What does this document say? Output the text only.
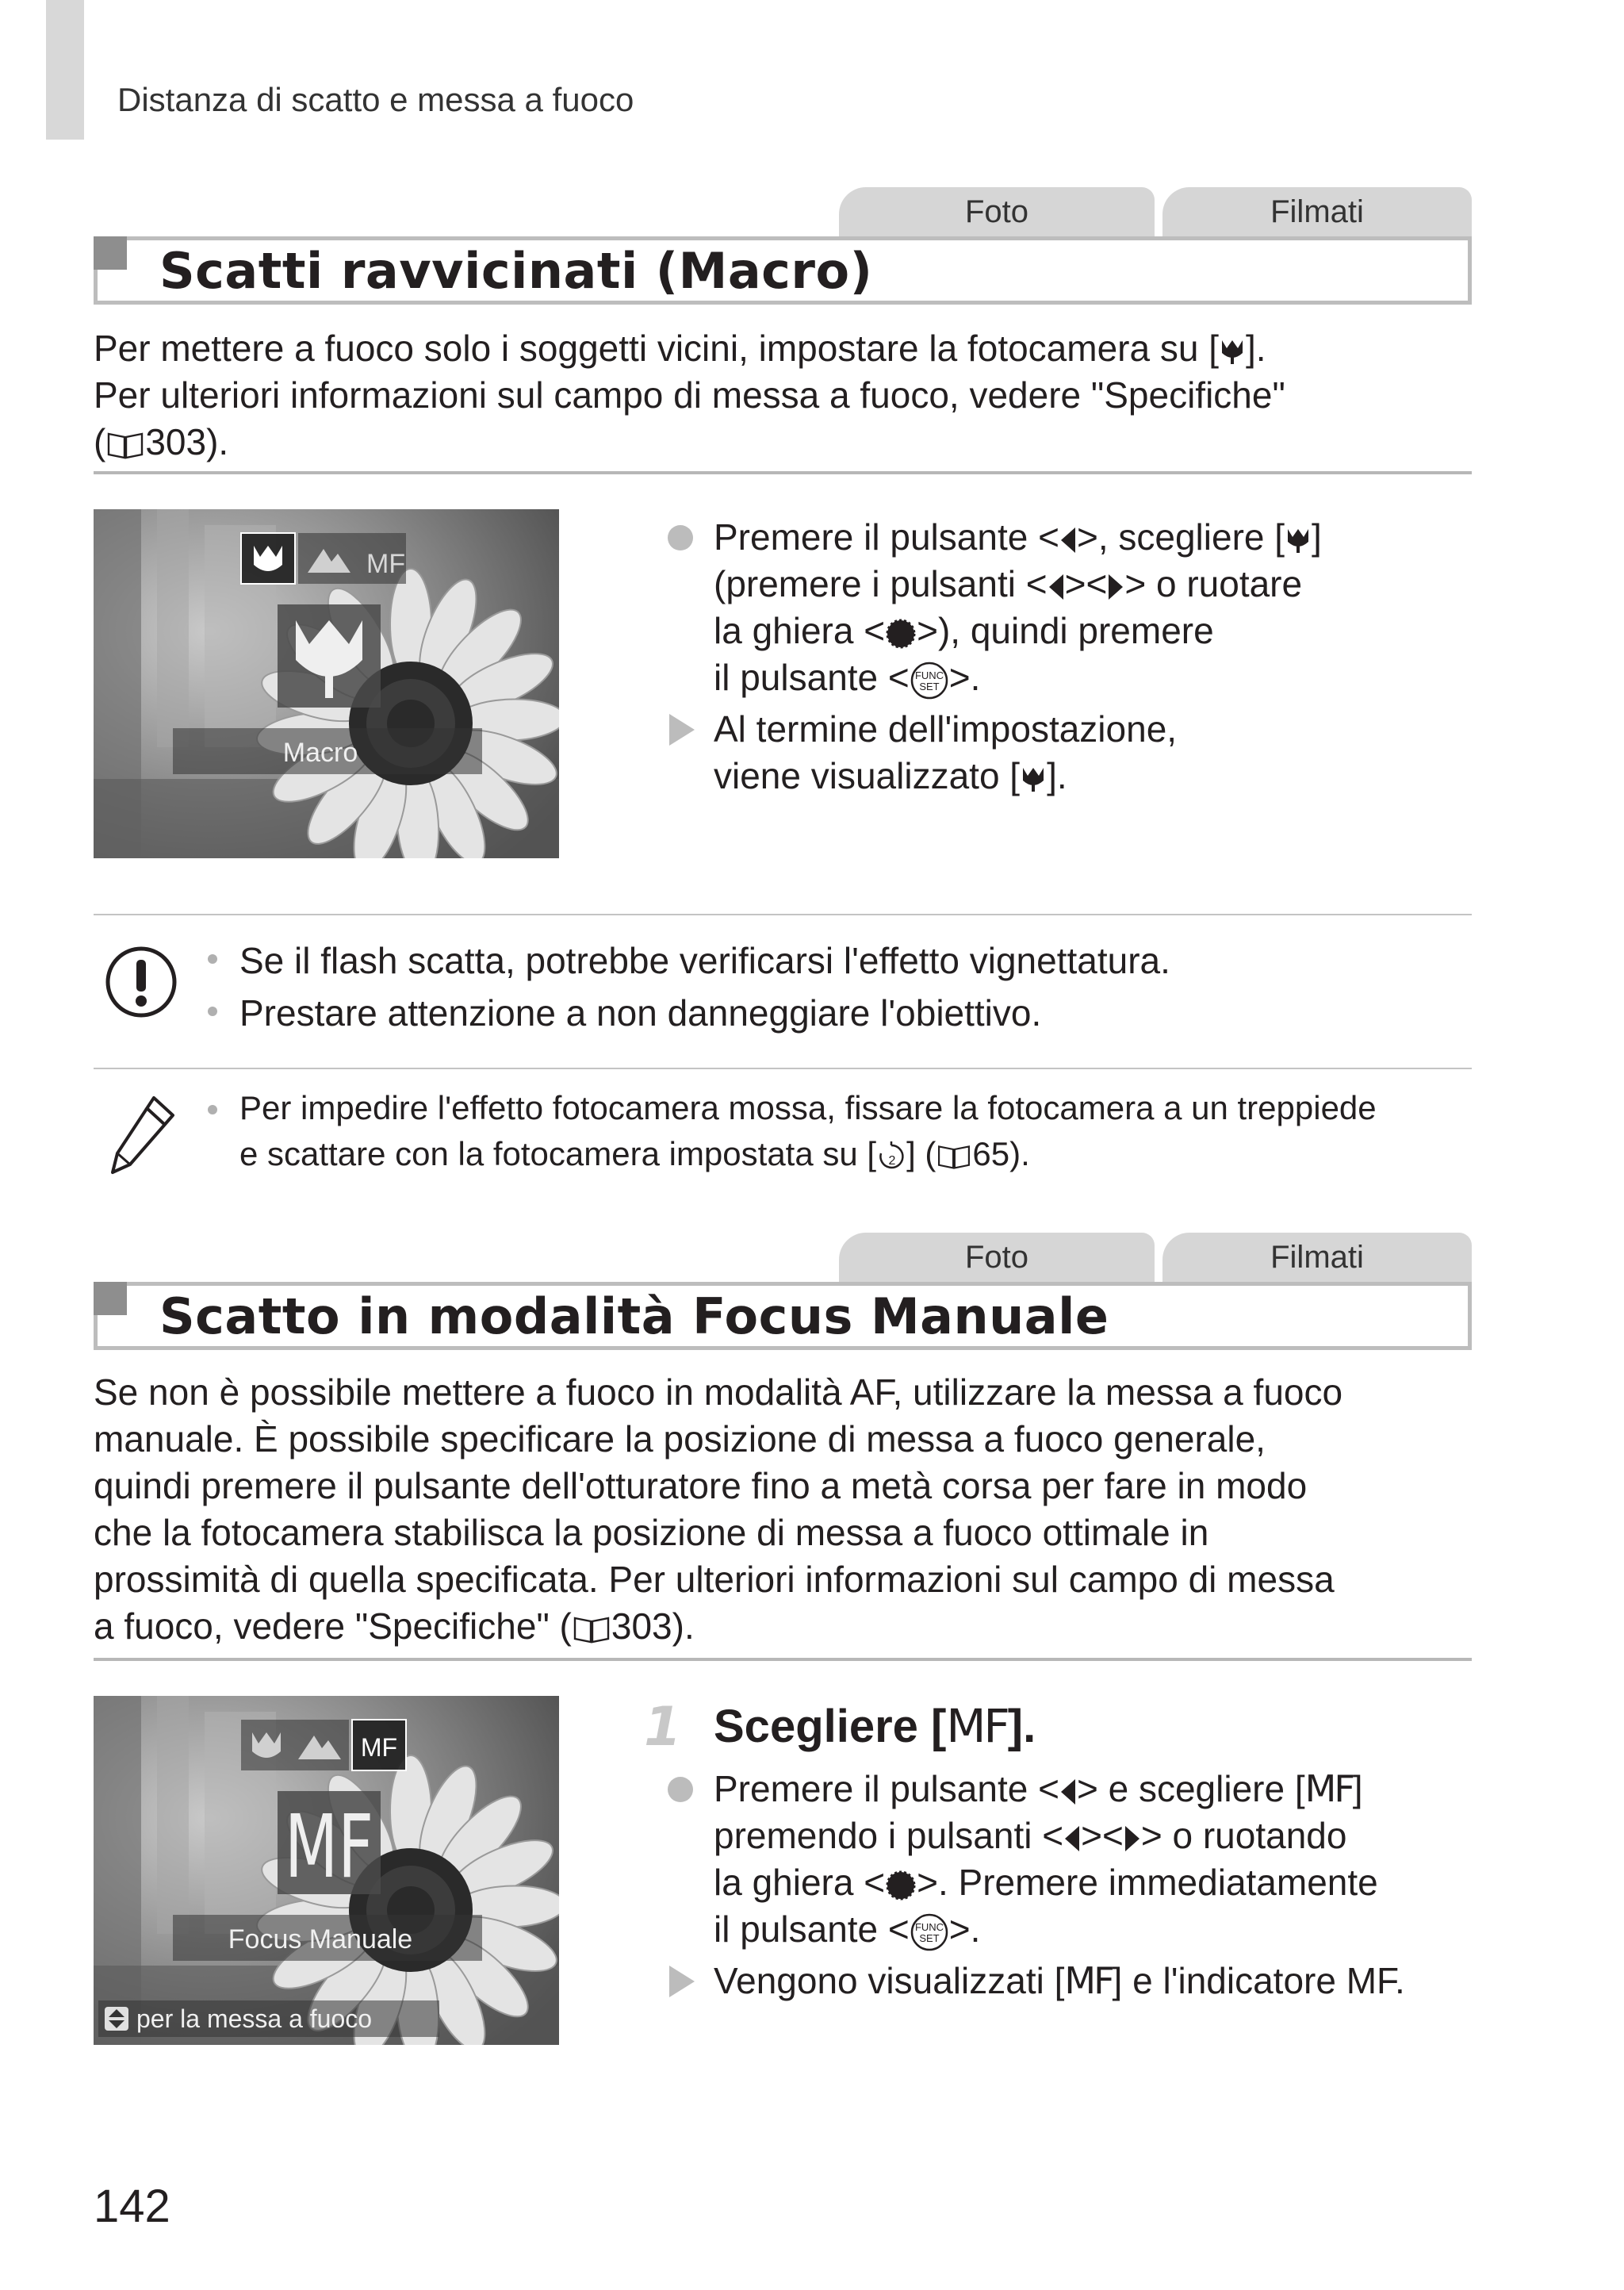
Distanza di scatto e messa a fuoco
Foto	Filmati
Scatti ravvicinati (Macro)

Per mettere a fuoco solo i soggetti vicini, impostare la fotocamera su [ ].

Per ulteriori informazioni sul campo di messa a fuoco, vedere "Specifiche"

( 303).

MF
Macro

Premere il pulsante < >, scegliere [ ]
(premere i pulsanti < >< > o ruotare
la ghiera < >), quindi premere
il pulsante < FUNC
SET >.

Al termine dell'impostazione,
viene visualizzato [ ].

Se il flash scatta, potrebbe verificarsi l'effetto vignettatura.
Prestare attenzione a non danneggiare l'obiettivo.
Per impedire l'effetto fotocamera mossa, fissare la fotocamera a un treppiede
e scattare con la fotocamera impostata su [ 2 ] ( 65).
Foto	Filmati
Scatto in modalità Focus Manuale

Se non è possibile mettere a fuoco in modalità AF, utilizzare la messa a fuoco

manuale. È possibile specificare la posizione di messa a fuoco generale,

quindi premere il pulsante dell'otturatore fino a metà corsa per fare in modo

che la fotocamera stabilisca la posizione di messa a fuoco ottimale in

prossimità di quella specificata. Per ulteriori informazioni sul campo di messa

a fuoco, vedere "Specifiche" ( 303).

MF
MF
Focus Manuale
per la messa a fuoco
1 Scegliere [MF].

Premere il pulsante < > e scegliere [MF]
premendo i pulsanti < >< > o ruotando
la ghiera < >. Premere immediatamente
il pulsante < FUNC
SET >.

Vengono visualizzati [MF] e l'indicatore MF.

142
